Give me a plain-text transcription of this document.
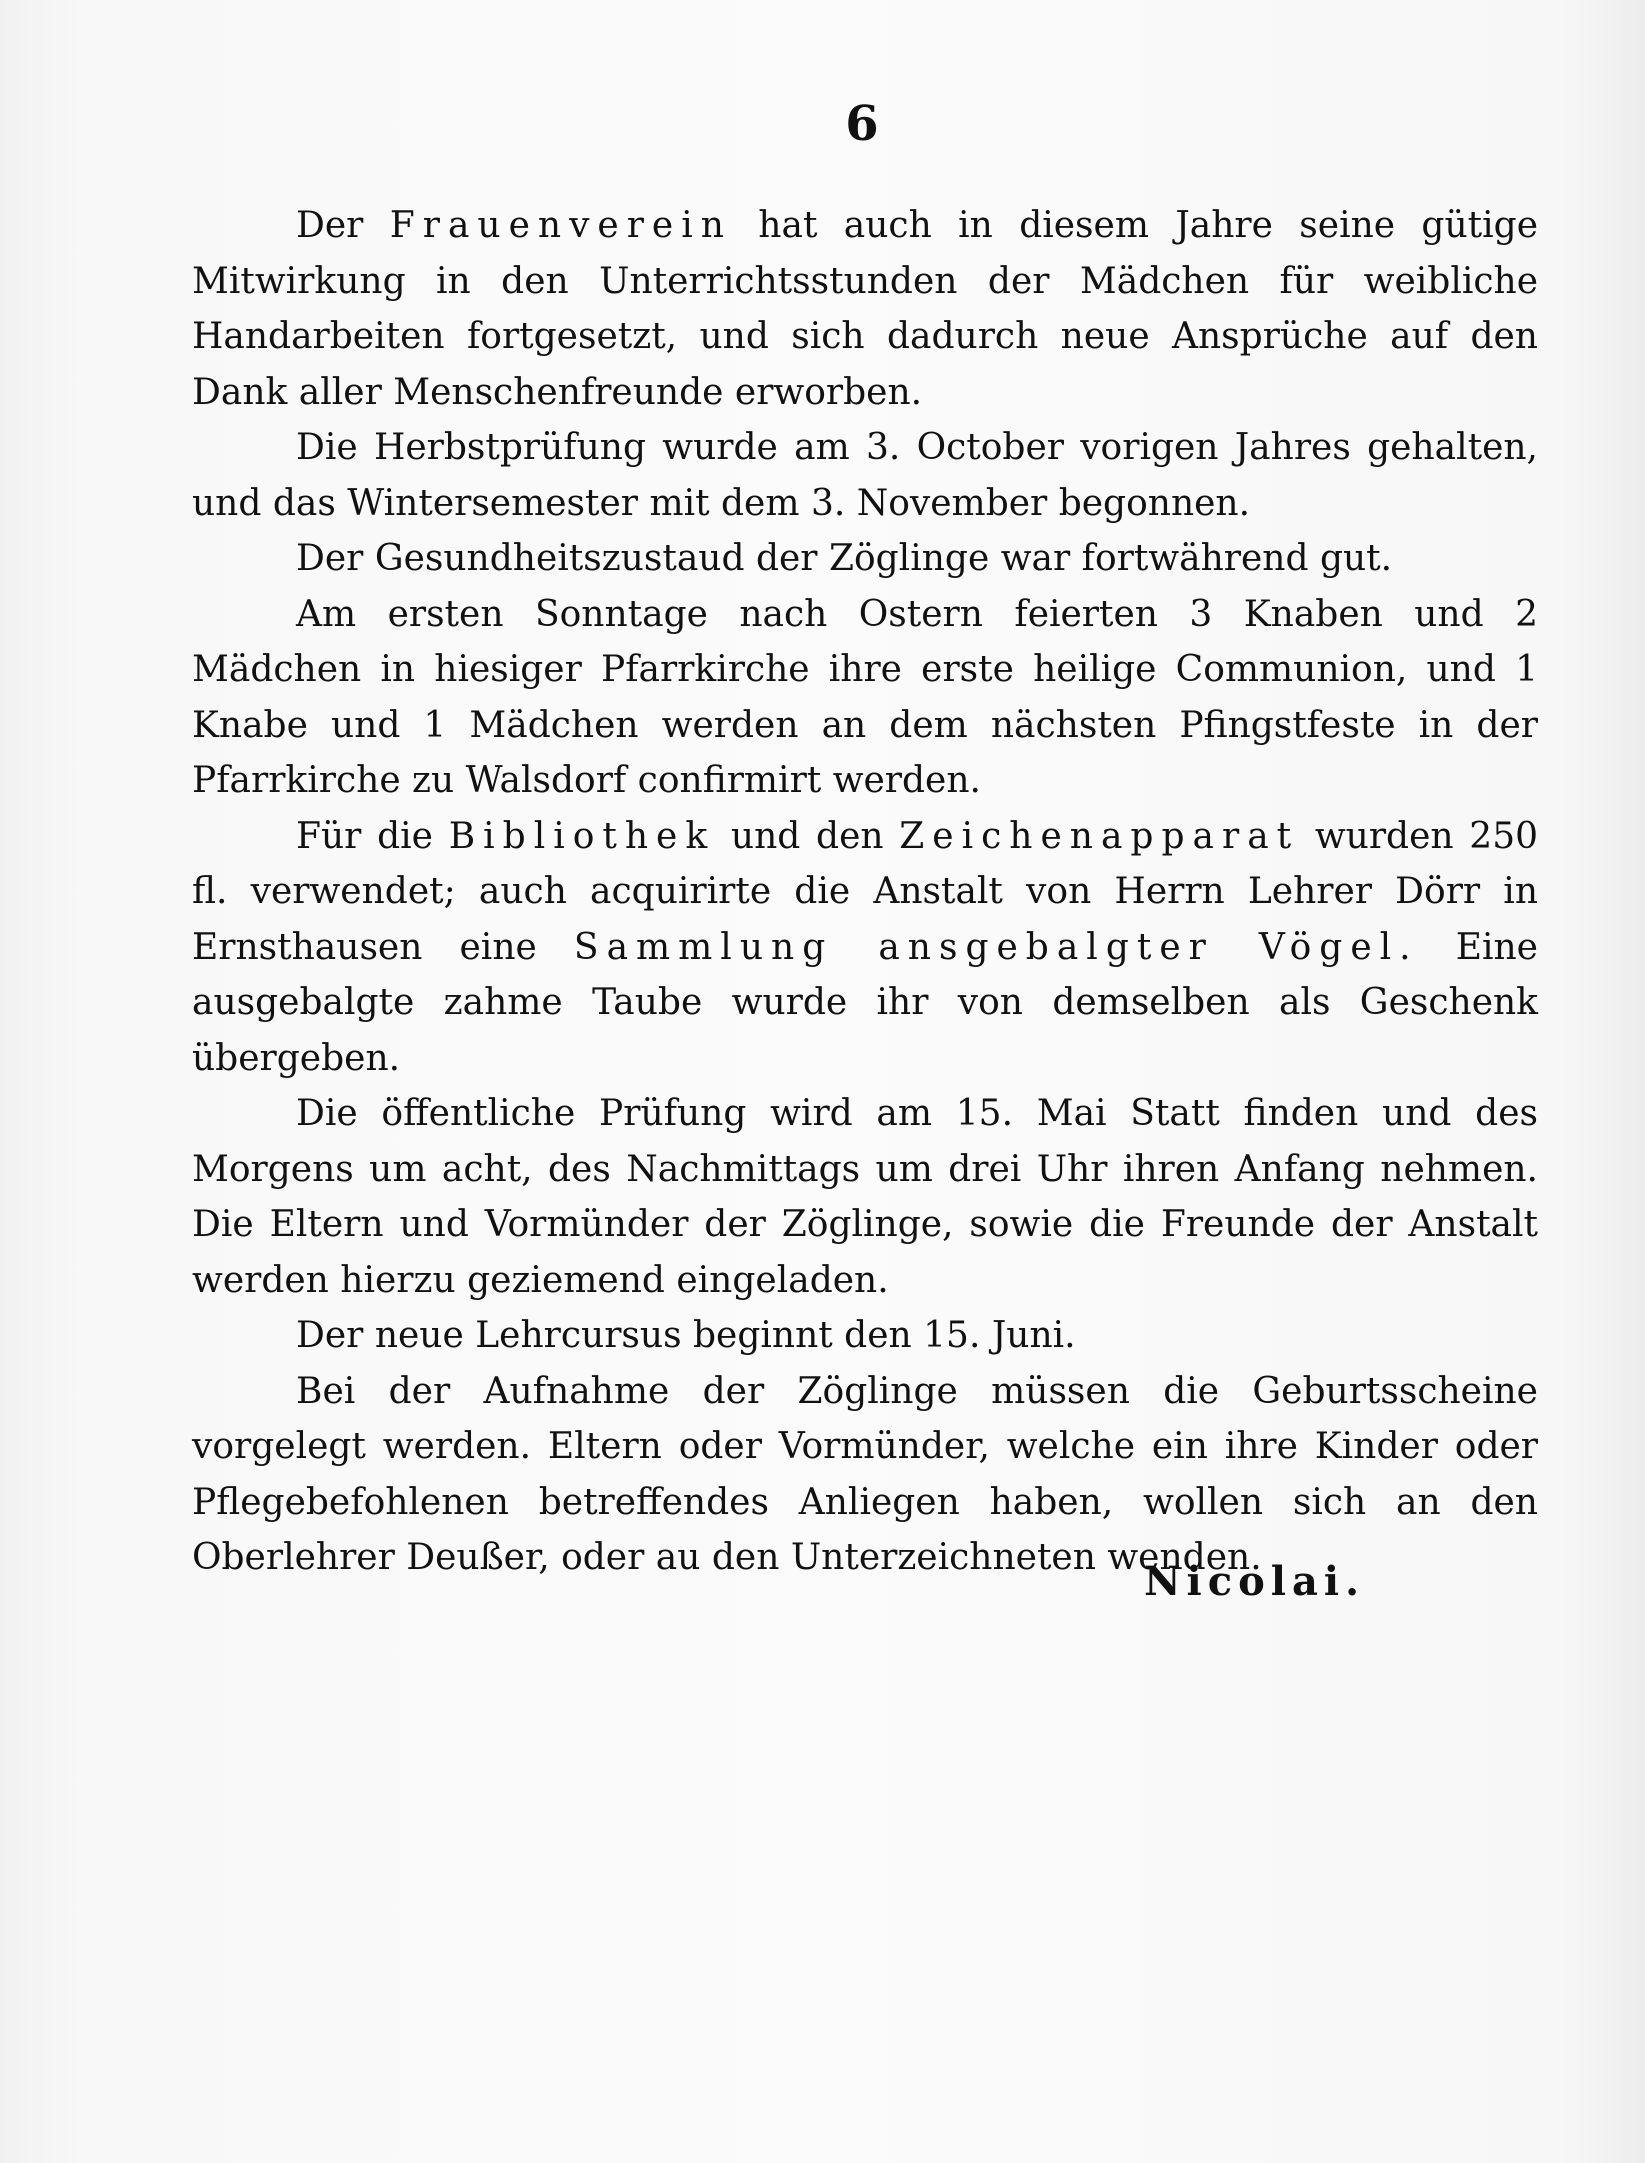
6

Der Frauenverein hat auch in diesem Jahre seine gütige Mitwirkung in den Unterrichtsstunden der Mädchen für weibliche Handarbeiten fortgesetzt, und sich dadurch neue Ansprüche auf den Dank aller Menschenfreunde erworben.

Die Herbstprüfung wurde am 3. October vorigen Jahres gehalten, und das Wintersemester mit dem 3. November begonnen.

Der Gesundheitszustaud der Zöglinge war fortwährend gut.

Am ersten Sonntage nach Ostern feierten 3 Knaben und 2 Mädchen in hiesiger Pfarrkirche ihre erste heilige Communion, und 1 Knabe und 1 Mädchen werden an dem nächsten Pfingstfeste in der Pfarrkirche zu Walsdorf confirmirt werden.

Für die Bibliothek und den Zeichenapparat wurden 250 fl. verwendet; auch acquirirte die Anstalt von Herrn Lehrer Dörr in Ernsthausen eine Sammlung ansgebalgter Vögel. Eine ausgebalgte zahme Taube wurde ihr von demselben als Geschenk übergeben.

Die öffentliche Prüfung wird am 15. Mai Statt finden und des Morgens um acht, des Nachmittags um drei Uhr ihren Anfang nehmen. Die Eltern und Vormünder der Zöglinge, sowie die Freunde der Anstalt werden hierzu geziemend eingeladen.

Der neue Lehrcursus beginnt den 15. Juni.

Bei der Aufnahme der Zöglinge müssen die Geburtsscheine vorgelegt werden. Eltern oder Vormünder, welche ein ihre Kinder oder Pflegebefohlenen betreffendes Anliegen haben, wollen sich an den Oberlehrer Deußer, oder au den Unterzeichneten wenden.

Nicolai.
